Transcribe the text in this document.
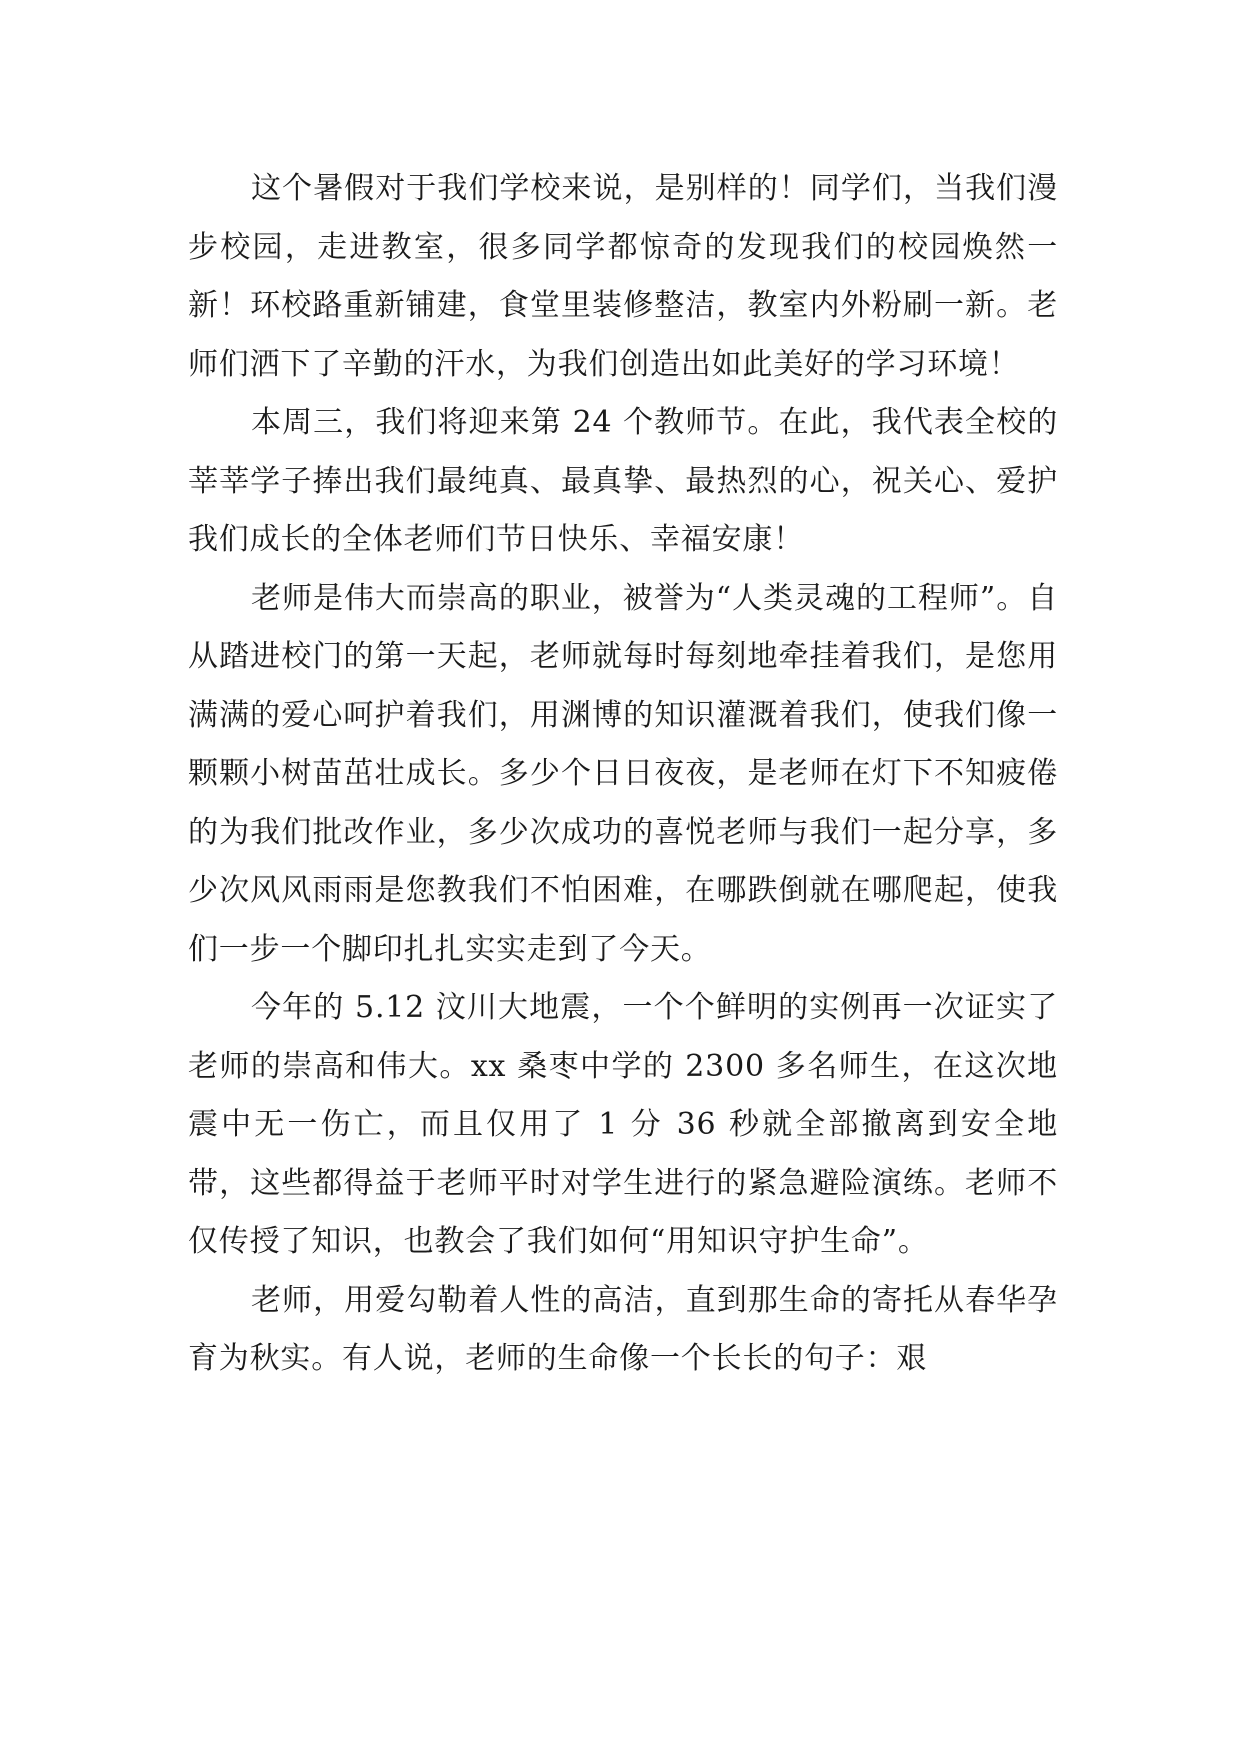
这个暑假对于我们学校来说，是别样的！同学们，当我们漫步校园，走进教室，很多同学都惊奇的发现我们的校园焕然一新！环校路重新铺建，食堂里装修整洁，教室内外粉刷一新。老师们洒下了辛勤的汗水，为我们创造出如此美好的学习环境！

本周三，我们将迎来第 24 个教师节。在此，我代表全校的莘莘学子捧出我们最纯真、最真挚、最热烈的心，祝关心、爱护我们成长的全体老师们节日快乐、幸福安康！

老师是伟大而崇高的职业，被誉为“人类灵魂的工程师”。自从踏进校门的第一天起，老师就每时每刻地牵挂着我们，是您用满满的爱心呵护着我们，用渊博的知识灌溉着我们，使我们像一颗颗小树苗茁壮成长。多少个日日夜夜，是老师在灯下不知疲倦的为我们批改作业，多少次成功的喜悦老师与我们一起分享，多少次风风雨雨是您教我们不怕困难，在哪跌倒就在哪爬起，使我们一步一个脚印扎扎实实走到了今天。

今年的 5.12 汶川大地震，一个个鲜明的实例再一次证实了老师的崇高和伟大。xx 桑枣中学的 2300 多名师生，在这次地震中无一伤亡，而且仅用了 1 分 36 秒就全部撤离到安全地带，这些都得益于老师平时对学生进行的紧急避险演练。老师不仅传授了知识，也教会了我们如何“用知识守护生命”。

老师，用爱勾勒着人性的高洁，直到那生命的寄托从春华孕育为秋实。有人说，老师的生命像一个长长的句子：艰
